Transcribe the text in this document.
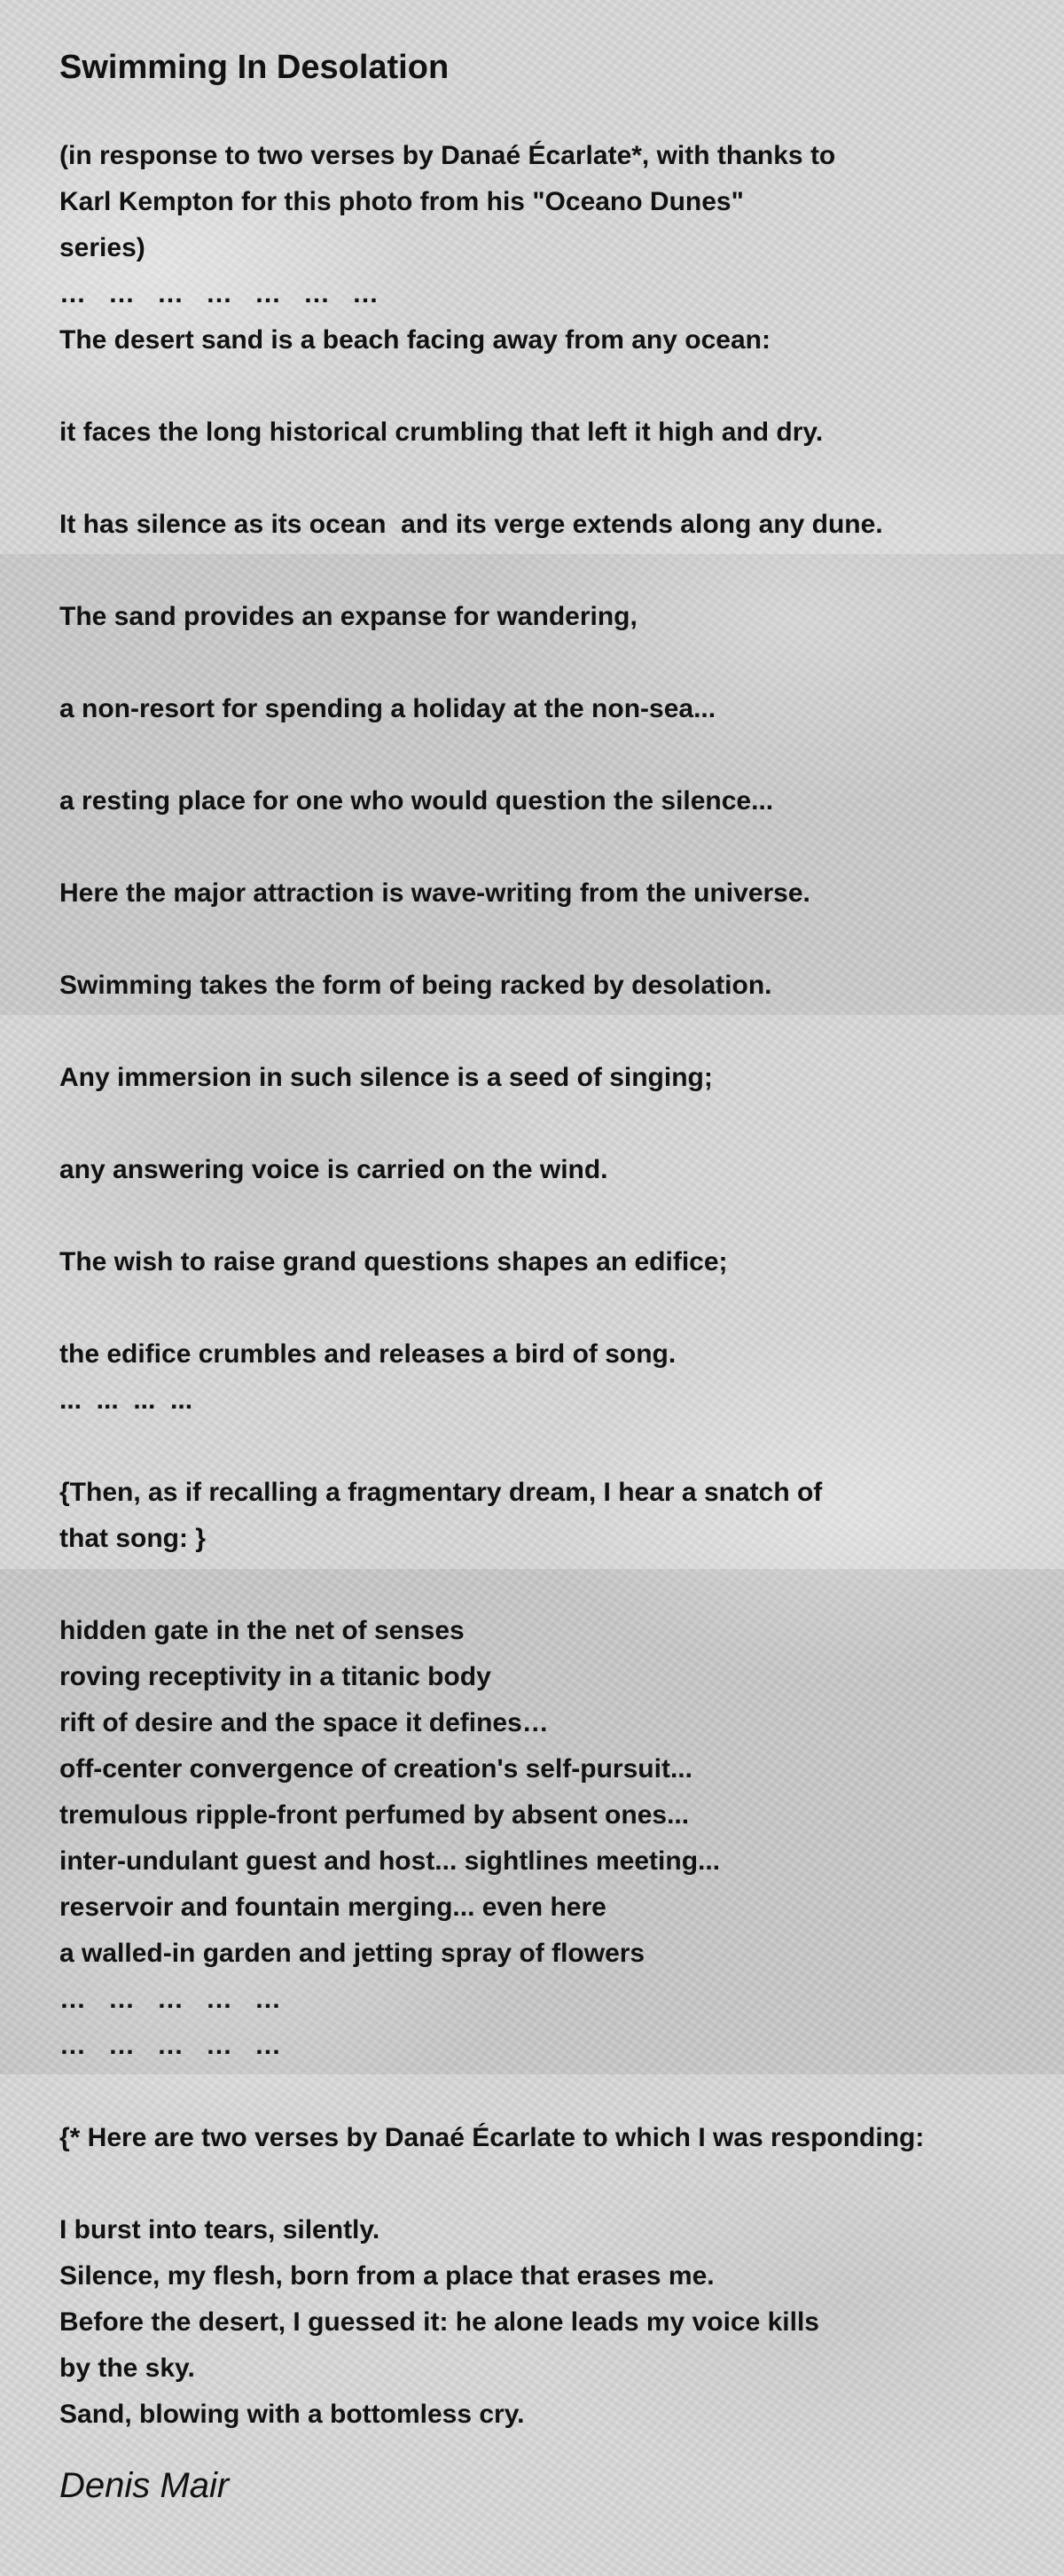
Swimming In Desolation
(in response to two verses by Danaé Écarlate*, with thanks to
Karl Kempton for this photo from his "Oceano Dunes"
series)
…   …   …   …   …   …   …
The desert sand is a beach facing away from any ocean:
it faces the long historical crumbling that left it high and dry.
It has silence as its ocean  and its verge extends along any dune.
The sand provides an expanse for wandering,
a non-resort for spending a holiday at the non-sea...
a resting place for one who would question the silence...
Here the major attraction is wave-writing from the universe.
Swimming takes the form of being racked by desolation.
Any immersion in such silence is a seed of singing;
any answering voice is carried on the wind.
The wish to raise grand questions shapes an edifice;
the edifice crumbles and releases a bird of song.
...  ...  ...  ...
{Then, as if recalling a fragmentary dream, I hear a snatch of
that song: }
hidden gate in the net of senses
roving receptivity in a titanic body
rift of desire and the space it defines…
off-center convergence of creation's self-pursuit...
tremulous ripple-front perfumed by absent ones...
inter-undulant guest and host... sightlines meeting...
reservoir and fountain merging... even here
a walled-in garden and jetting spray of flowers
…   …   …   …   …
…   …   …   …   …
{* Here are two verses by Danaé Écarlate to which I was responding:
I burst into tears, silently.
Silence, my flesh, born from a place that erases me.
Before the desert, I guessed it: he alone leads my voice kills
by the sky.
Sand, blowing with a bottomless cry.
Denis Mair
